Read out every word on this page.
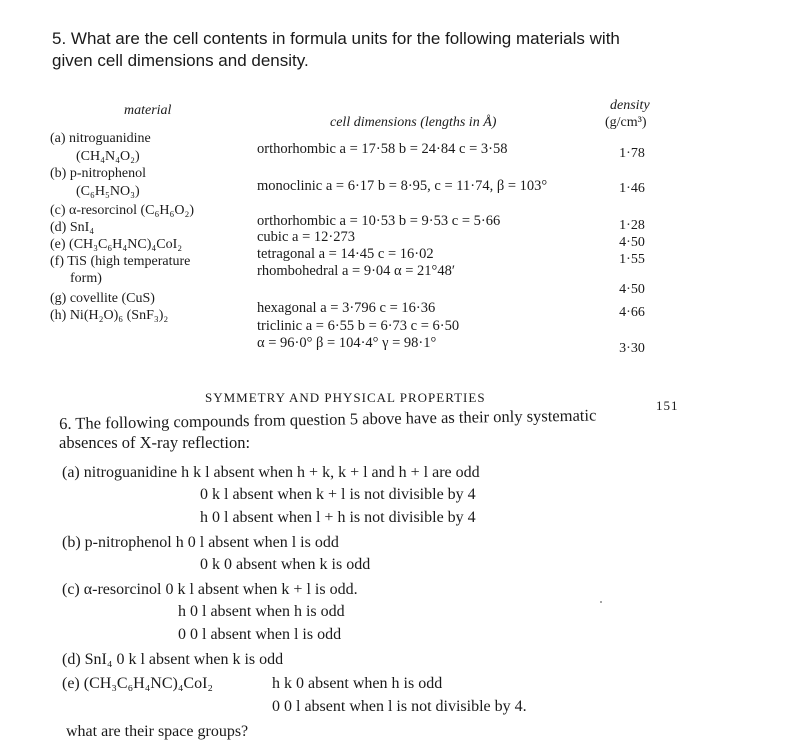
5. What are the cell contents in formula units for the following materials with
given cell dimensions and density.
material
cell dimensions (lengths in Å)
density
(g/cm³)
(a) nitroguanidine
(CH₄N₄O₂)
(b) p-nitrophenol
(C₆H₅NO₃)
(c) α-resorcinol (C₆H₆O₂)
(d) SnI₄
(e) (CH₃C₆H₄NC)₄CoI₂
(f) TiS (high temperature
form)
(g) covellite (CuS)
(h) Ni(H₂O)₆ (SnF₃)₂
orthorhombic a = 17·58 b = 24·84 c = 3·58
monoclinic a = 6·17 b = 8·95, c = 11·74, β = 103°
orthorhombic a = 10·53 b = 9·53 c = 5·66
cubic a = 12·273
tetragonal a = 14·45 c = 16·02
rhombohedral a = 9·04 α = 21°48′
hexagonal a = 3·796 c = 16·36
triclinic a = 6·55 b = 6·73 c = 6·50
α = 96·0° β = 104·4° γ = 98·1°
1·78
1·46
1·28
4·50
1·55
4·50
4·66
3·30
SYMMETRY AND PHYSICAL PROPERTIES
151
6. The following compounds from question 5 above have as their only systematic
absences of X-ray reflection:
(a) nitroguanidine h k l absent when h + k, k + l and h + l are odd
0 k l absent when k + l is not divisible by 4
h 0 l absent when l + h is not divisible by 4
(b) p-nitrophenol h 0 l absent when l is odd
0 k 0 absent when k is odd
(c) α-resorcinol 0 k l absent when k + l is odd.
h 0 l absent when h is odd
0 0 l absent when l is odd
(d) SnI₄ 0 k l absent when k is odd
(e) (CH₃C₆H₄NC)₄CoI₂	h k 0 absent when h is odd
0 0 l absent when l is not divisible by 4.
what are their space groups?
